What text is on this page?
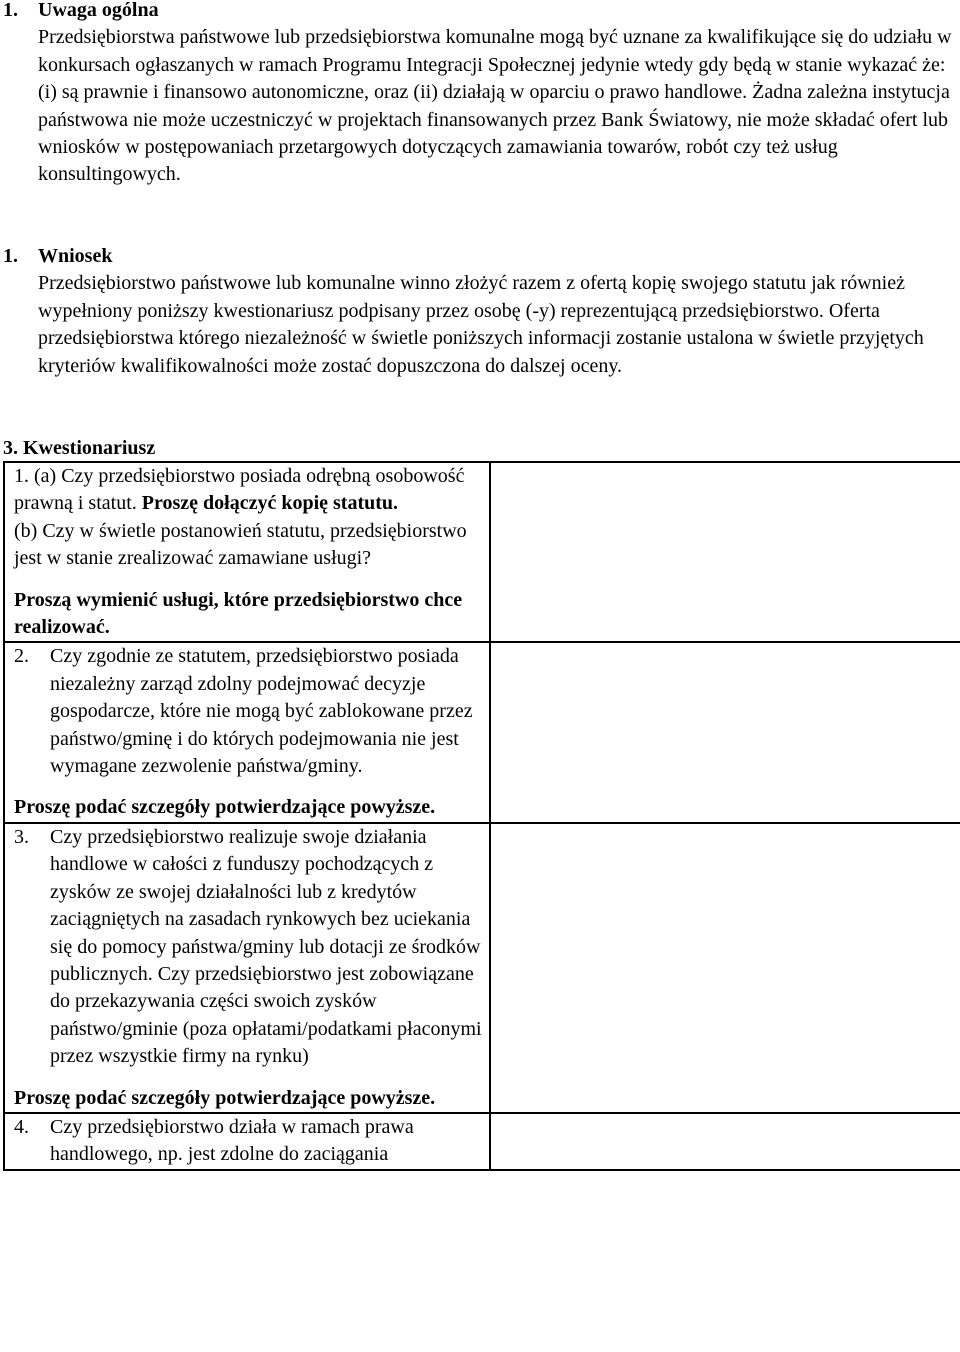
1. Uwaga ogólna
Przedsiębiorstwa państwowe lub przedsiębiorstwa komunalne mogą być uznane za kwalifikujące się do udziału w konkursach ogłaszanych w ramach Programu Integracji Społecznej jedynie wtedy gdy będą w stanie wykazać że: (i) są prawnie i finansowo autonomiczne, oraz (ii) działają w oparciu o prawo handlowe. Żadna zależna instytucja państwowa nie może uczestniczyć w projektach finansowanych przez Bank Światowy, nie może składać ofert lub wniosków w postępowaniach przetargowych dotyczących zamawiania towarów, robót czy też usług konsultingowych.
1. Wniosek
Przedsiębiorstwo państwowe lub komunalne winno złożyć razem z ofertą kopię swojego statutu jak również wypełniony poniższy kwestionariusz podpisany przez osobę (-y) reprezentującą przedsiębiorstwo. Oferta przedsiębiorstwa którego niezależność w świetle poniższych informacji zostanie ustalona w świetle przyjętych kryteriów kwalifikowalności może zostać dopuszczona do dalszej oceny.
3. Kwestionariusz

1. (a) Czy przedsiębiorstwo posiada odrębną osobowość prawną i statut. Proszę dołączyć kopię statutu.

(b) Czy w świetle postanowień statutu, przedsiębiorstwo jest w stanie zrealizować zamawiane usługi?

Proszą wymienić usługi, które przedsiębiorstwo chce realizować.	

2. Czy zgodnie ze statutem, przedsiębiorstwo posiada niezależny zarząd zdolny podejmować decyzje gospodarcze, które nie mogą być zablokowane przez państwo/gminę i do których podejmowania nie jest wymagane zezwolenie państwa/gminy.

Proszę podać szczegóły potwierdzające powyższe.	

3. Czy przedsiębiorstwo realizuje swoje działania handlowe w całości z funduszy pochodzących z zysków ze swojej działalności lub z kredytów zaciągniętych na zasadach rynkowych bez uciekania się do pomocy państwa/gminy lub dotacji ze środków publicznych. Czy przedsiębiorstwo jest zobowiązane do przekazywania części swoich zysków państwo/gminie (poza opłatami/podatkami płaconymi przez wszystkie firmy na rynku)

Proszę podać szczegóły potwierdzające powyższe.	

4. Czy przedsiębiorstwo działa w ramach prawa handlowego, np. jest zdolne do zaciągania	
